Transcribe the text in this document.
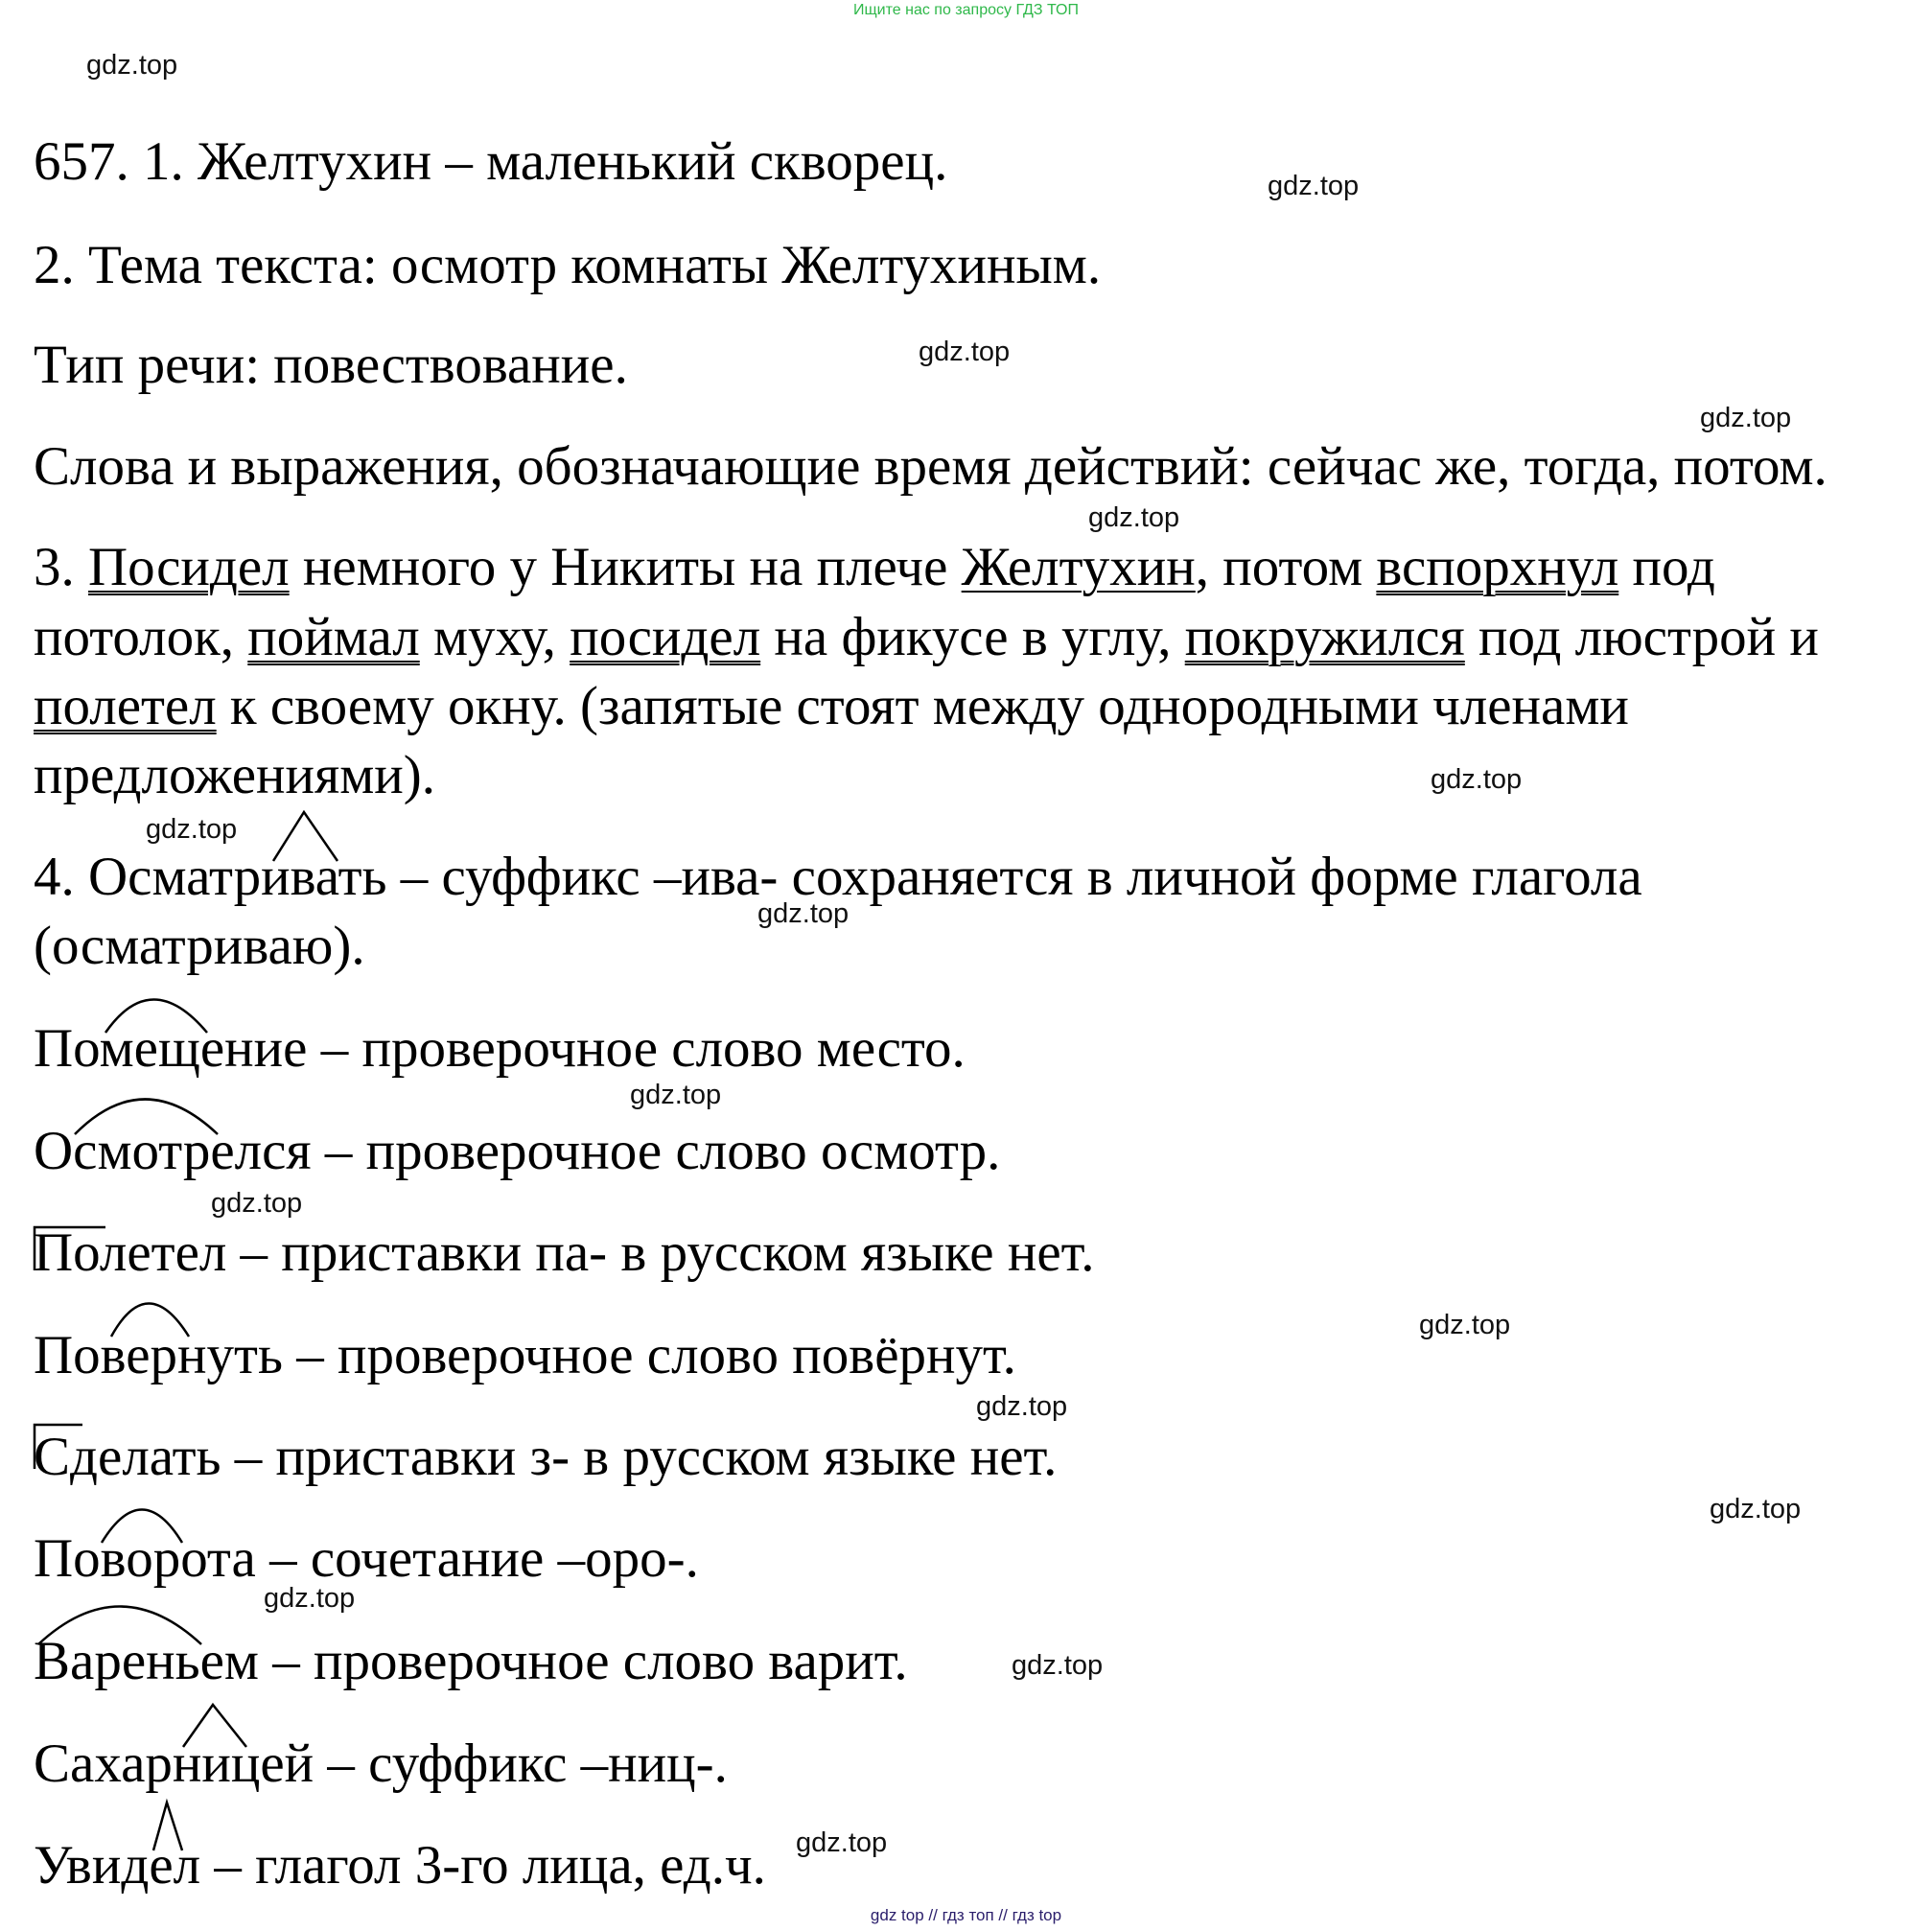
Ищите нас по запросу ГДЗ ТОП
gdz.top
gdz.top
gdz.top
gdz.top
gdz.top
gdz.top
gdz.top
gdz.top
gdz.top
gdz.top
gdz.top
gdz.top
gdz.top
gdz.top
gdz.top
gdz.top
657. 1. Желтухин – маленький скворец.
2. Тема текста: осмотр комнаты Желтухиным.
Тип речи: повествование.
Слова и выражения, обозначающие время действий: сейчас же, тогда, потом.
3. Посидел немного у Никиты на плече Желтухин, потом вспорхнул под
потолок, поймал муху, посидел на фикусе в углу, покружился под люстрой и
полетел к своему окну. (запятые стоят между однородными членами
предложениями).
4. Осматривать – суффикс –ива- сохраняется в личной форме глагола
(осматриваю).
Помещение – проверочное слово место.
Осмотрелся – проверочное слово осмотр.
Полетел – приставки па- в русском языке нет.
Повернуть – проверочное слово повёрнут.
Сделать – приставки з- в русском языке нет.
Поворота – сочетание –оро-.
Вареньем – проверочное слово варит.
Сахарницей – суффикс –ниц-.
Увидел – глагол 3-го лица, ед.ч.
gdz top // гдз топ // гдз top
